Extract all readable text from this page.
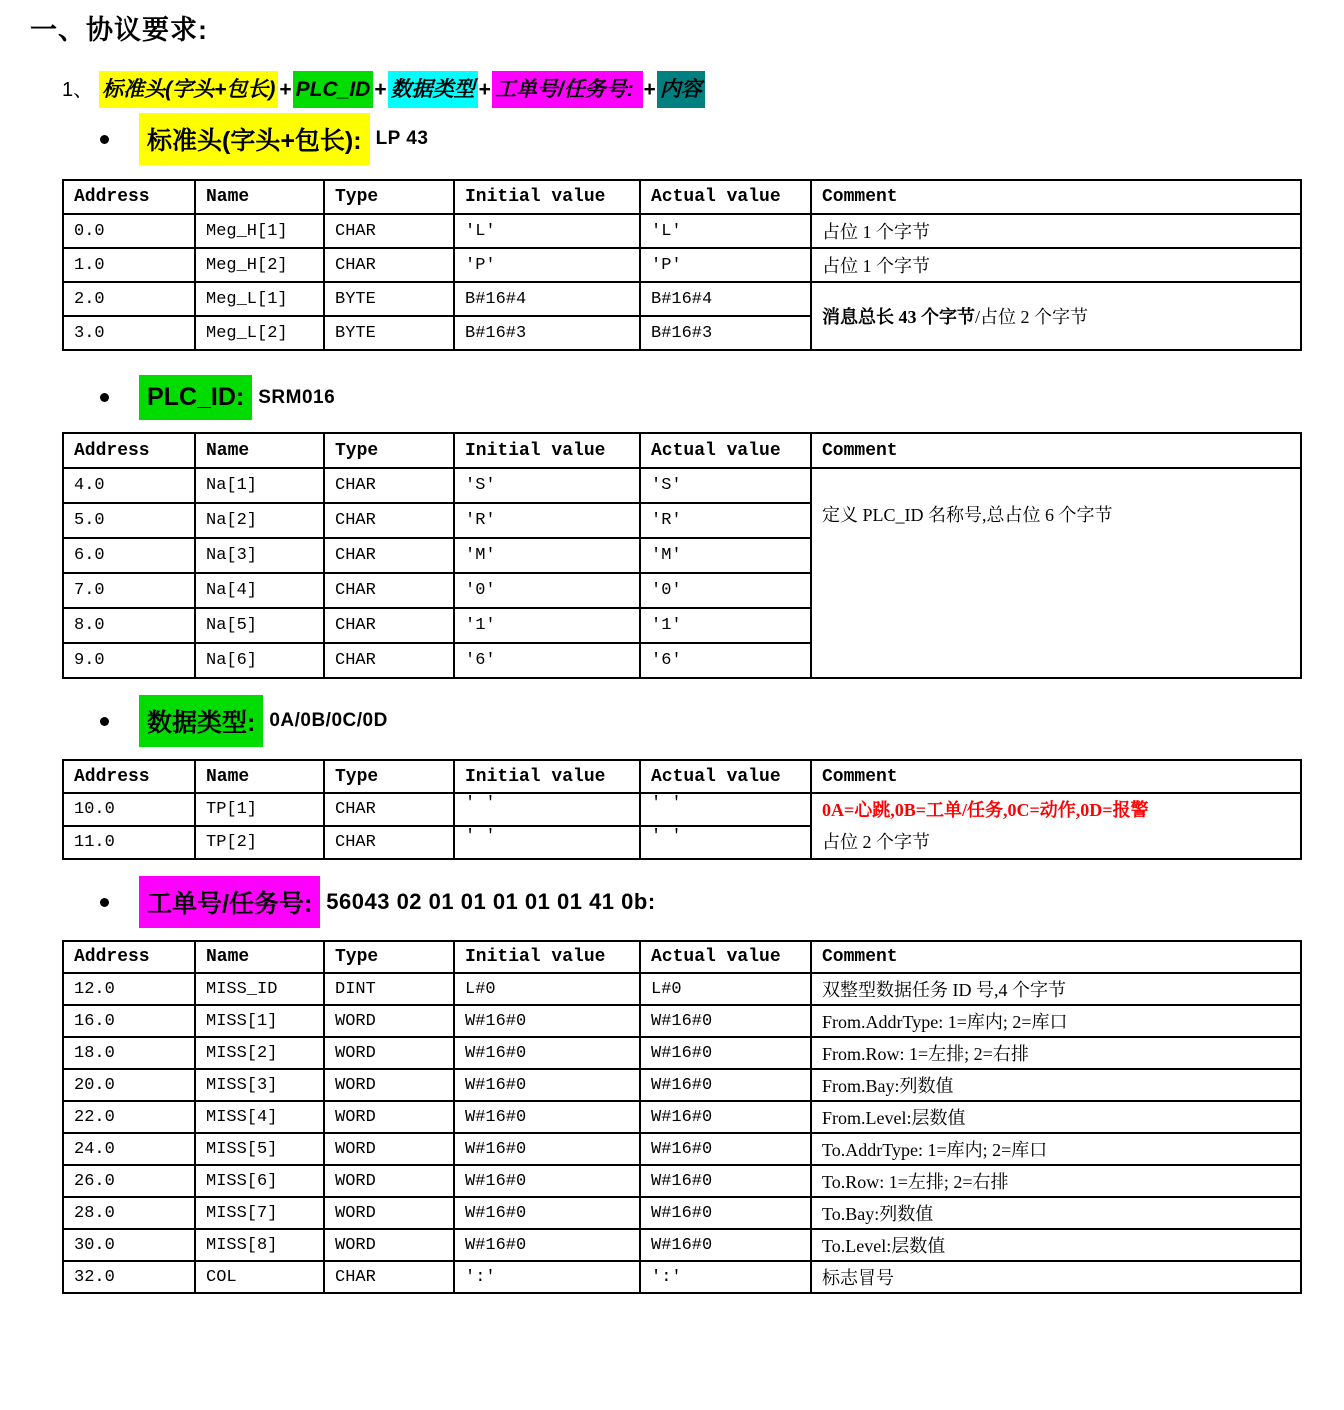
一、协议要求:
1、 标准头(字头+包长) + PLC_ID + 数据类型 + 工单号/任务号: + 内容
标准头(字头+包长): LP 43
Address	Name	Type	Initial value	Actual value	Comment
0.0	Meg_H[1]	CHAR	'L'	'L'	占位 1 个字节
1.0	Meg_H[2]	CHAR	'P'	'P'	占位 1 个字节
2.0	Meg_L[1]	BYTE	B#16#4	B#16#4	消息总长 43 个字节/占位 2 个字节
3.0	Meg_L[2]	BYTE	B#16#3	B#16#3	
PLC_ID: SRM016
Address	Name	Type	Initial value	Actual value	Comment
4.0	Na[1]	CHAR	'S'	'S'	定义 PLC_ID 名称号,总占位 6 个字节
5.0	Na[2]	CHAR	'R'	'R'	
6.0	Na[3]	CHAR	'M'	'M'	
7.0	Na[4]	CHAR	'0'	'0'	
8.0	Na[5]	CHAR	'1'	'1'	
9.0	Na[6]	CHAR	'6'	'6'	
数据类型: 0A/0B/0C/0D
Address	Name	Type	Initial value	Actual value	Comment
10.0	TP[1]	CHAR	' '	' '	0A=心跳,0B=工单/任务,0C=动作,0D=报警
占位 2 个字节

11.0	TP[2]	CHAR	' '	' '	
工单号/任务号: 56043 02 01 01 01 01 01 41 0b:
Address	Name	Type	Initial value	Actual value	Comment
12.0	MISS_ID	DINT	L#0	L#0	双整型数据任务 ID 号,4 个字节
16.0	MISS[1]	WORD	W#16#0	W#16#0	From.AddrType: 1=库内; 2=库口
18.0	MISS[2]	WORD	W#16#0	W#16#0	From.Row: 1=左排; 2=右排
20.0	MISS[3]	WORD	W#16#0	W#16#0	From.Bay:列数值
22.0	MISS[4]	WORD	W#16#0	W#16#0	From.Level:层数值
24.0	MISS[5]	WORD	W#16#0	W#16#0	To.AddrType: 1=库内; 2=库口
26.0	MISS[6]	WORD	W#16#0	W#16#0	To.Row: 1=左排; 2=右排
28.0	MISS[7]	WORD	W#16#0	W#16#0	To.Bay:列数值
30.0	MISS[8]	WORD	W#16#0	W#16#0	To.Level:层数值
32.0	COL	CHAR	':'	':'	标志冒号
